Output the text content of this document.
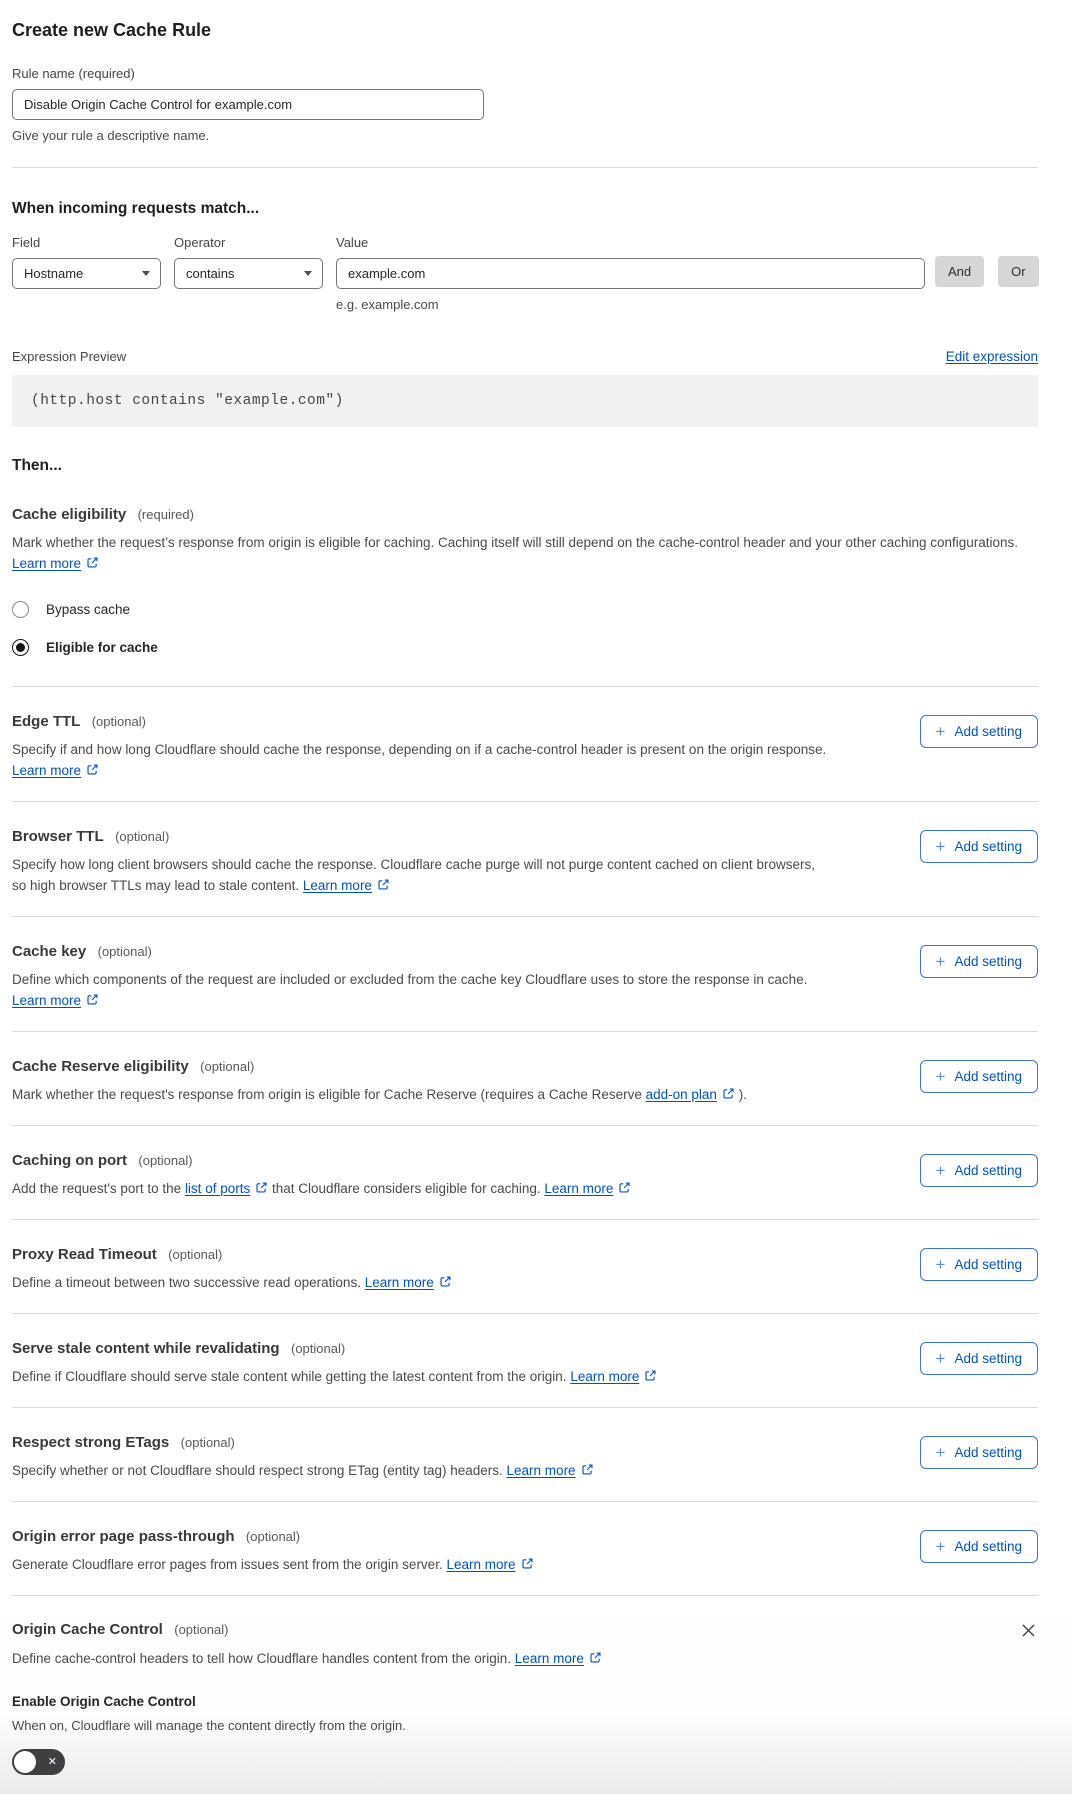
Create new Cache Rule
Rule name (required)
Disable Origin Cache Control for example.com

Give your rule a descriptive name.

When incoming requests match...
Field
Hostname
Operator
contains
Value
example.com

e.g. example.com

And	Or
Expression Preview	Edit expression
(http.host contains "example.com")
Then...
Cache eligibility (required)

Mark whether the request’s response from origin is eligible for caching. Caching itself will still depend on the cache-control header and your other caching configurations. Learn more

Bypass cache
Eligible for cache
Edge TTL (optional)

Specify if and how long Cloudflare should cache the response, depending on if a cache-control header is present on the origin response. Learn more

+ Add setting
Browser TTL (optional)

Specify how long client browsers should cache the response. Cloudflare cache purge will not purge content cached on client browsers, so high browser TTLs may lead to stale content. Learn more

+ Add setting
Cache key (optional)

Define which components of the request are included or excluded from the cache key Cloudflare uses to store the response in cache. Learn more

+ Add setting
Cache Reserve eligibility (optional)

Mark whether the request's response from origin is eligible for Cache Reserve (requires a Cache Reserve add-on plan ).

+ Add setting
Caching on port (optional)

Add the request's port to the list of ports that Cloudflare considers eligible for caching. Learn more

+ Add setting
Proxy Read Timeout (optional)

Define a timeout between two successive read operations. Learn more

+ Add setting
Serve stale content while revalidating (optional)

Define if Cloudflare should serve stale content while getting the latest content from the origin. Learn more

+ Add setting
Respect strong ETags (optional)

Specify whether or not Cloudflare should respect strong ETag (entity tag) headers. Learn more

+ Add setting
Origin error page pass-through (optional)

Generate Cloudflare error pages from issues sent from the origin server. Learn more

+ Add setting
Origin Cache Control (optional)

Define cache-control headers to tell how Cloudflare handles content from the origin. Learn more

Enable Origin Cache Control

When on, Cloudflare will manage the content directly from the origin.

✕
